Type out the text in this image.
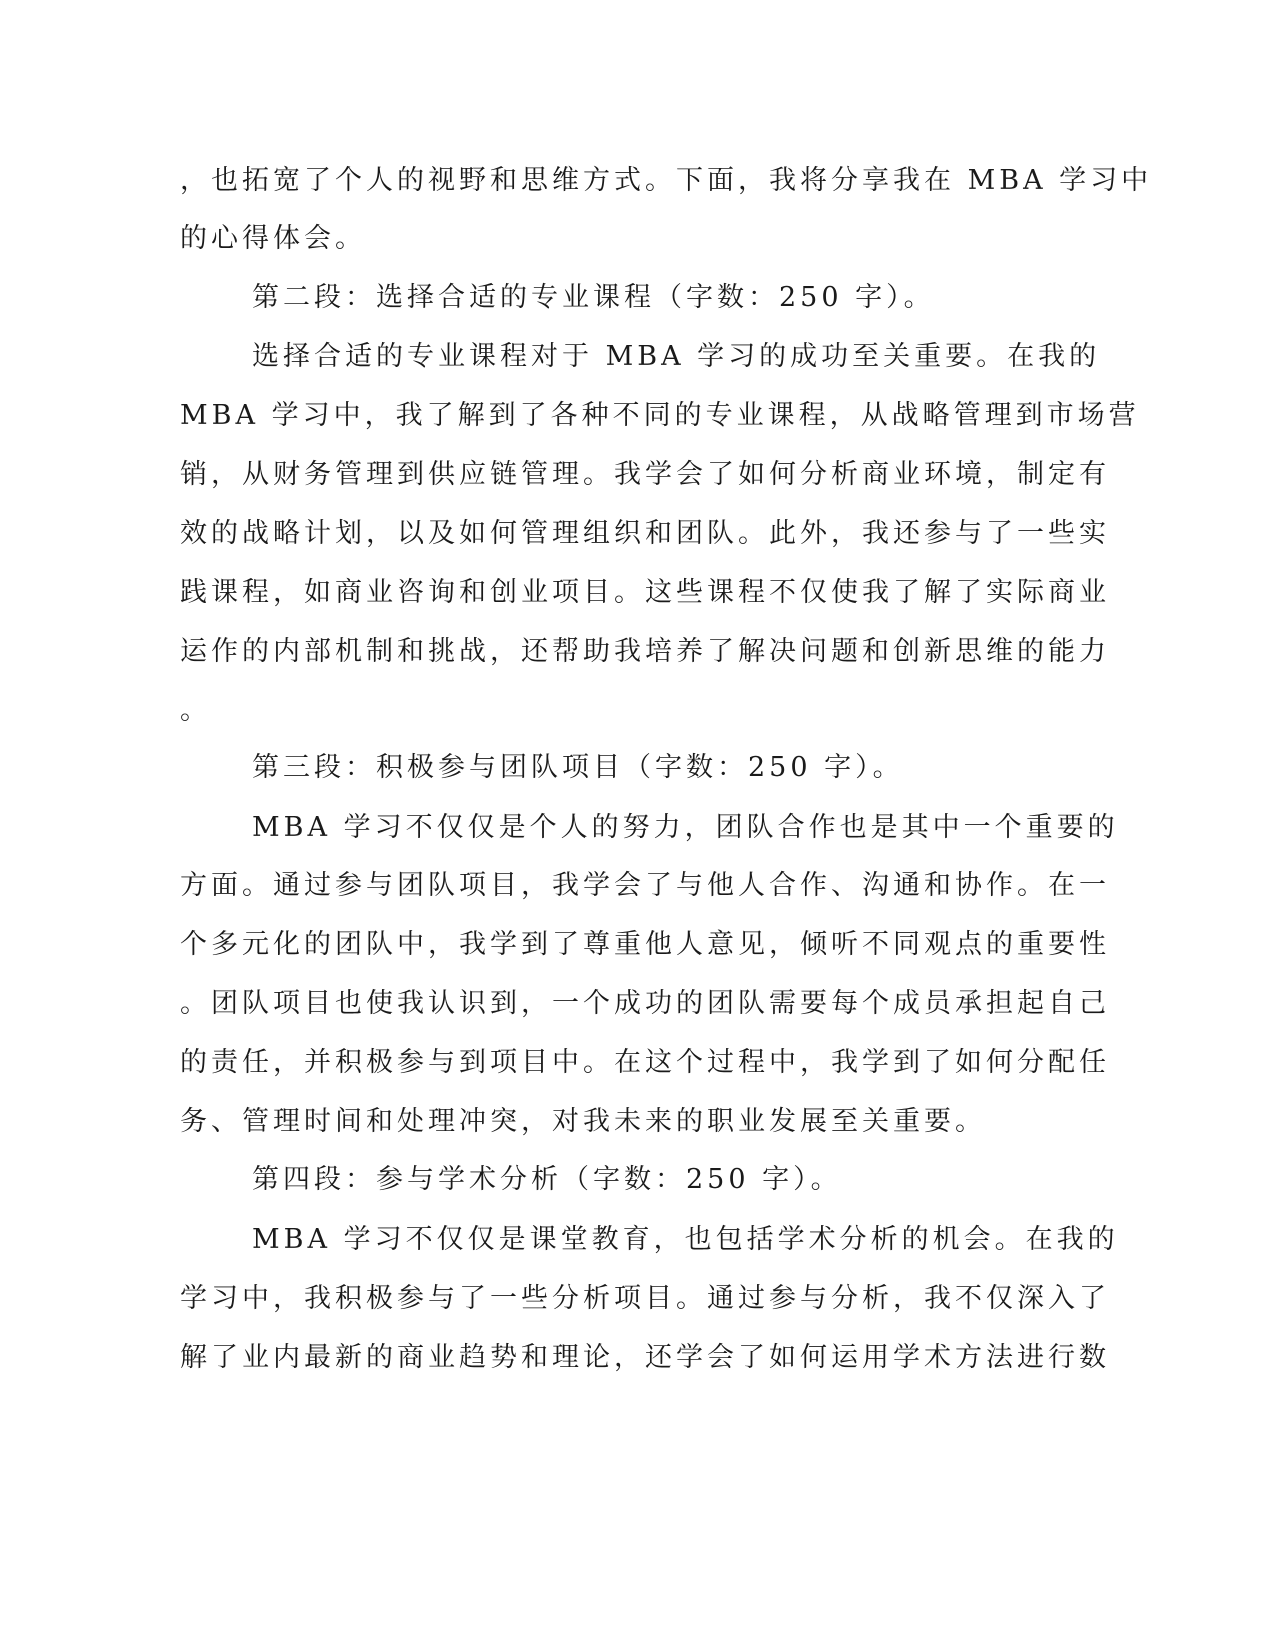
，也拓宽了个人的视野和思维方式。下面，我将分享我在 MBA 学习中
的心得体会。
第二段：选择合适的专业课程（字数：250 字）。
选择合适的专业课程对于 MBA 学习的成功至关重要。在我的
MBA 学习中，我了解到了各种不同的专业课程，从战略管理到市场营
销，从财务管理到供应链管理。我学会了如何分析商业环境，制定有
效的战略计划，以及如何管理组织和团队。此外，我还参与了一些实
践课程，如商业咨询和创业项目。这些课程不仅使我了解了实际商业
运作的内部机制和挑战，还帮助我培养了解决问题和创新思维的能力
。
第三段：积极参与团队项目（字数：250 字）。
MBA 学习不仅仅是个人的努力，团队合作也是其中一个重要的
方面。通过参与团队项目，我学会了与他人合作、沟通和协作。在一
个多元化的团队中，我学到了尊重他人意见，倾听不同观点的重要性
。团队项目也使我认识到，一个成功的团队需要每个成员承担起自己
的责任，并积极参与到项目中。在这个过程中，我学到了如何分配任
务、管理时间和处理冲突，对我未来的职业发展至关重要。
第四段：参与学术分析（字数：250 字）。
MBA 学习不仅仅是课堂教育，也包括学术分析的机会。在我的
学习中，我积极参与了一些分析项目。通过参与分析，我不仅深入了
解了业内最新的商业趋势和理论，还学会了如何运用学术方法进行数
